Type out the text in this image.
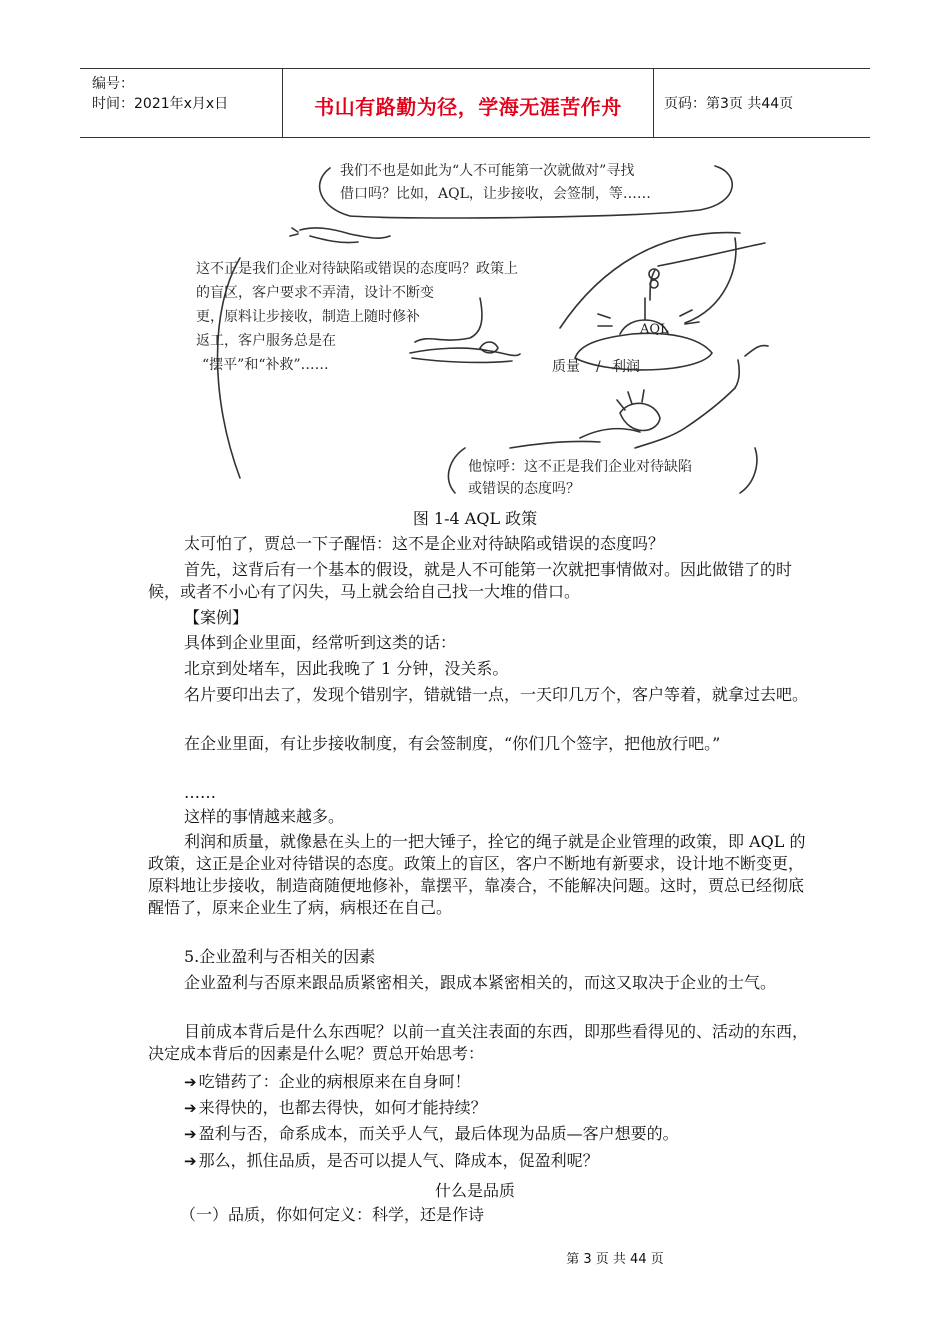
编号：
时间：2021年x月x日	书山有路勤为径，学海无涯苦作舟	页码：第3页 共44页
我们不也是如此为“人不可能第一次就做对”寻找
借口吗？比如，AQL，让步接收，会签制，等……
这不正是我们企业对待缺陷或错误的态度吗？政策上
的盲区，客户要求不弄清，设计不断变
更，原料让步接收，制造上随时修补
返工，客户服务总是在
“摆平”和“补救”……
AQL
质量 / 利润
他惊呼：这不正是我们企业对待缺陷
或错误的态度吗？
图 1-4 AQL 政策

太可怕了，贾总一下子醒悟：这不是企业对待缺陷或错误的态度吗？

首先，这背后有一个基本的假设，就是人不可能第一次就把事情做对。因此做错了的时候，或者不小心有了闪失，马上就会给自己找一大堆的借口。

【案例】

具体到企业里面，经常听到这类的话：

北京到处堵车，因此我晚了 1 分钟，没关系。

名片要印出去了，发现个错别字，错就错一点，一天印几万个，客户等着，就拿过去吧。

在企业里面，有让步接收制度，有会签制度，“你们几个签字，把他放行吧。”

……

这样的事情越来越多。

利润和质量，就像悬在头上的一把大锤子，拴它的绳子就是企业管理的政策，即 AQL 的政策，这正是企业对待错误的态度。政策上的盲区，客户不断地有新要求，设计地不断变更，原料地让步接收，制造商随便地修补，靠摆平，靠凑合，不能解决问题。这时，贾总已经彻底醒悟了，原来企业生了病，病根还在自己。

5.企业盈利与否相关的因素

企业盈利与否原来跟品质紧密相关，跟成本紧密相关的，而这又取决于企业的士气。

目前成本背后是什么东西呢？以前一直关注表面的东西，即那些看得见的、活动的东西，决定成本背后的因素是什么呢？贾总开始思考：

➔ 吃错药了：企业的病根原来在自身呵！

➔ 来得快的，也都去得快，如何才能持续？

➔ 盈利与否，命系成本，而关乎人气，最后体现为品质—客户想要的。

➔ 那么，抓住品质，是否可以提人气、降成本，促盈利呢？

什么是品质

（一）品质，你如何定义：科学，还是作诗

第 3 页 共 44 页
